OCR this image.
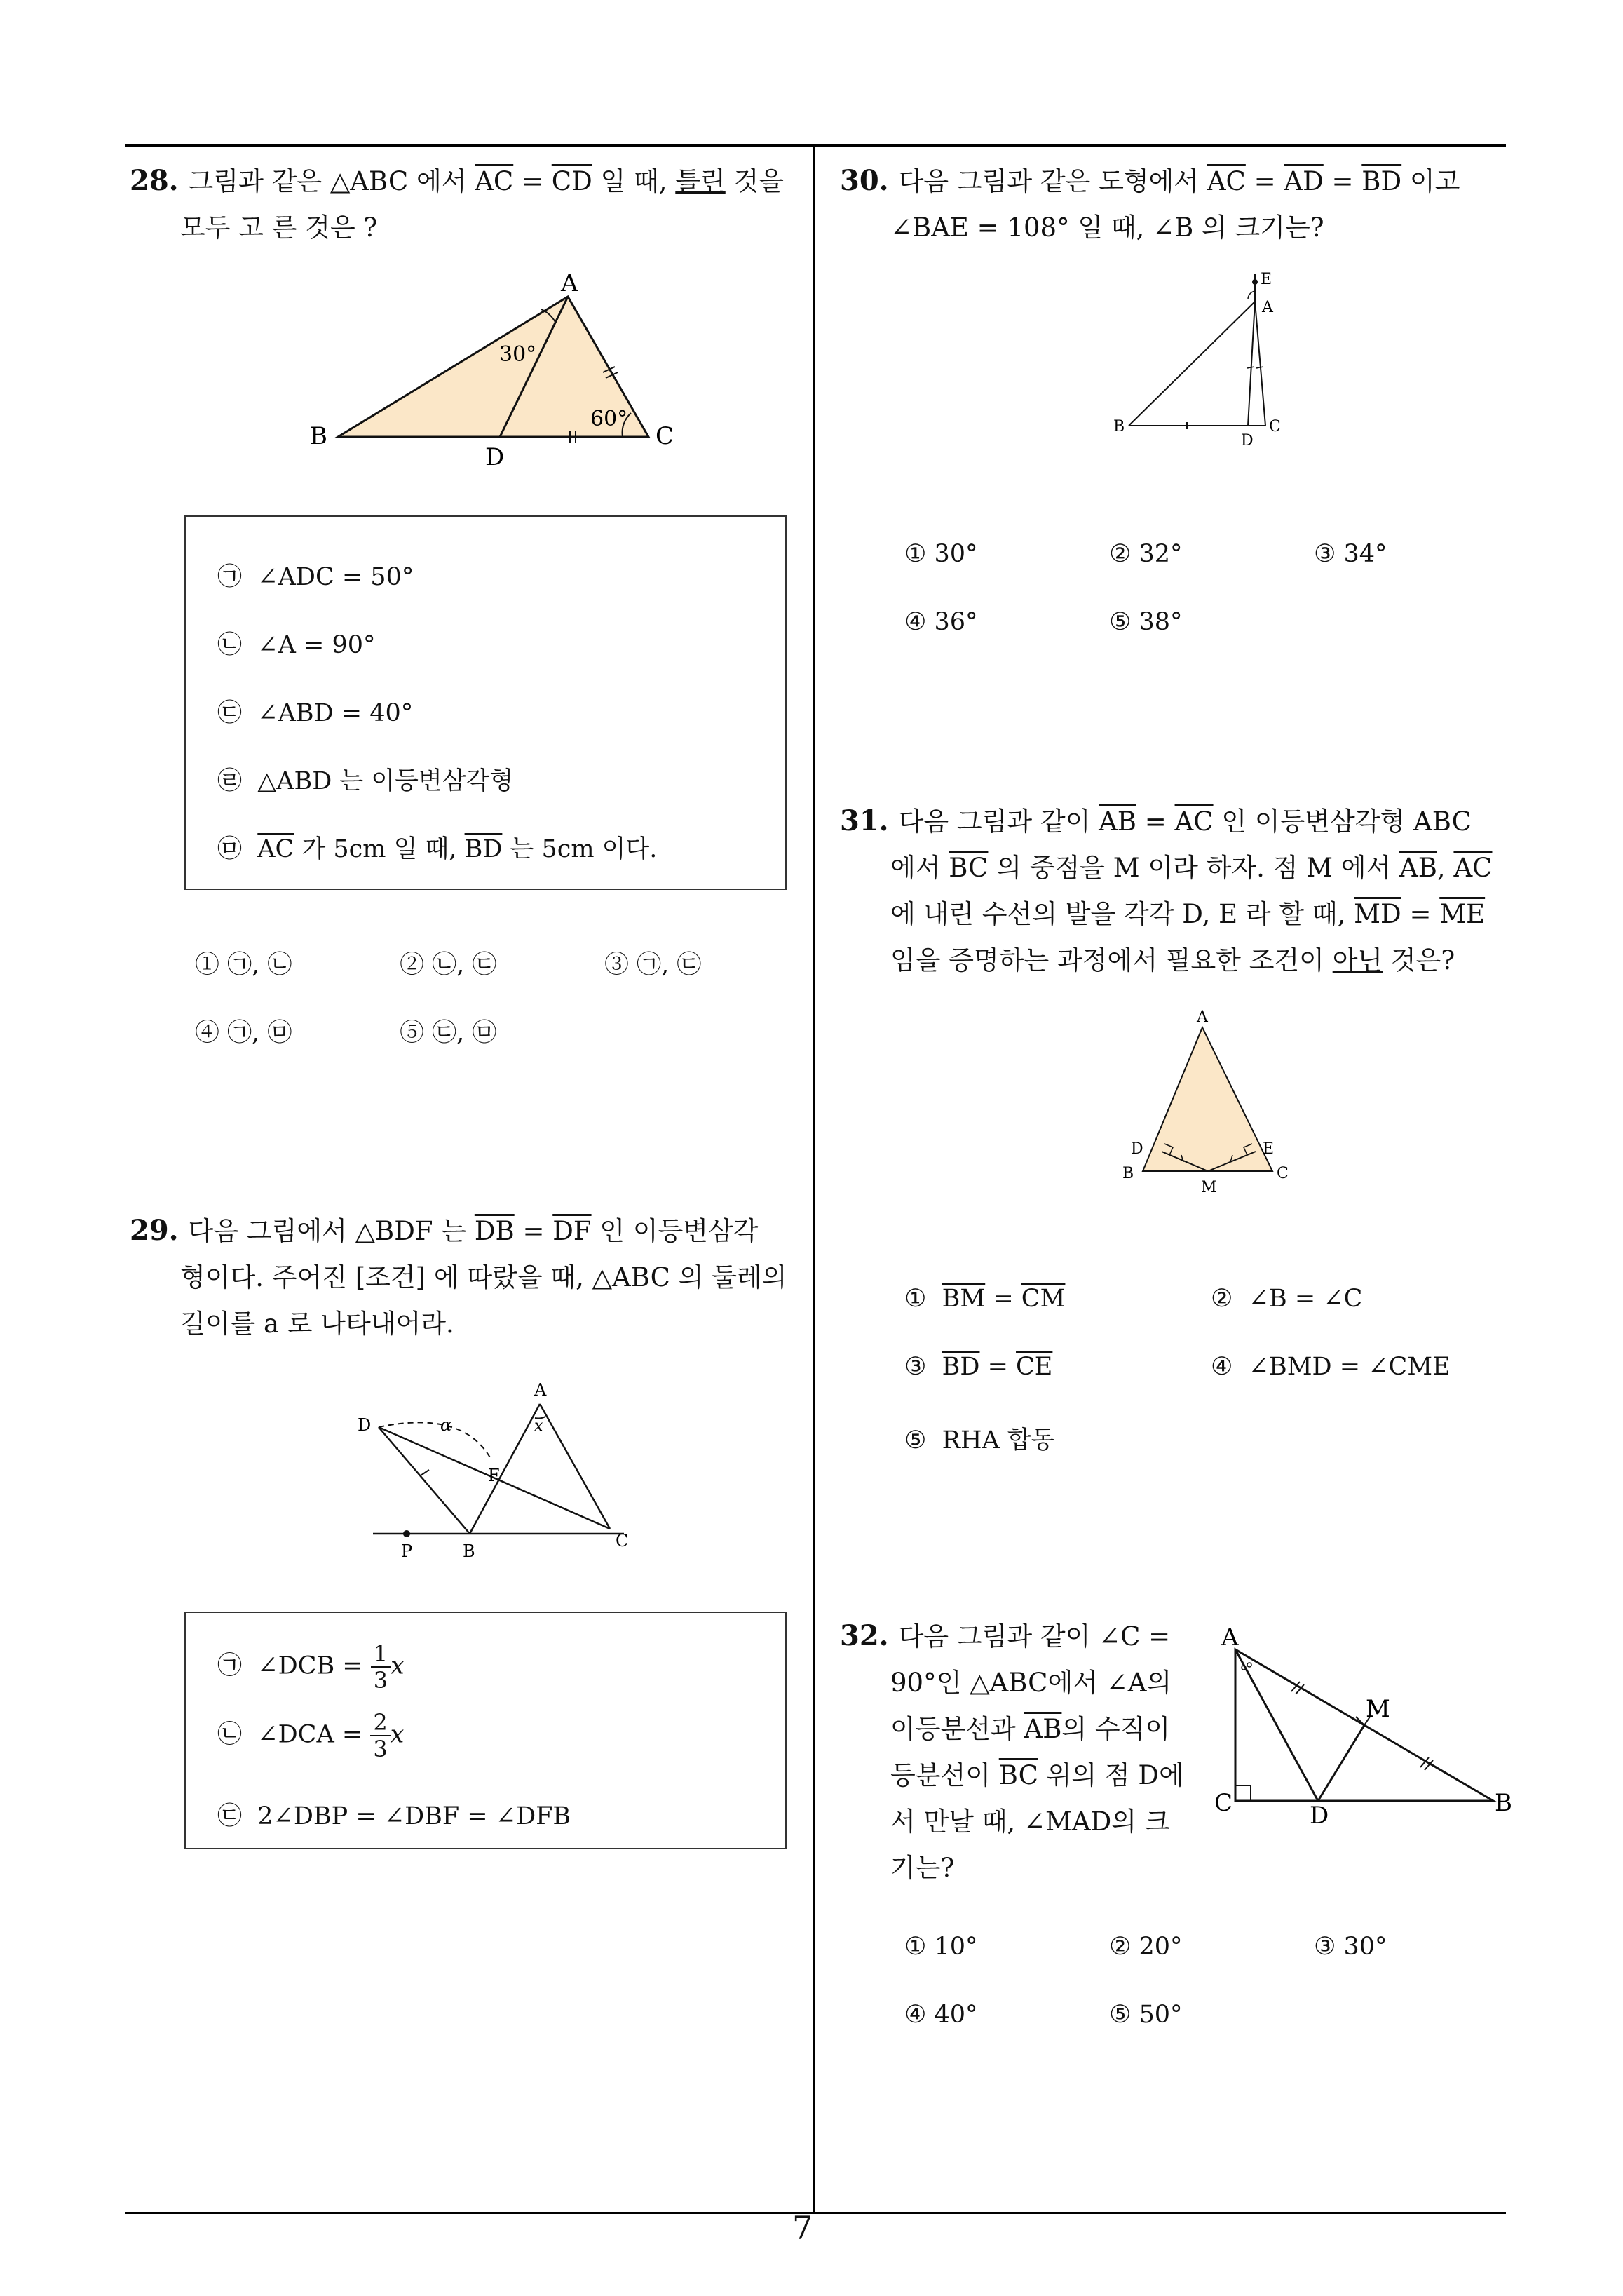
28. 그림과 같은 △ABC 에서 $\overline{AC} = \overline{CD}$ 일 때, 틀린 것을

모두 고 른 것은 ?

A
B	C
D
30°
60°
㉠ ∠ADC = 50°
㉡ ∠A = 90°
㉢ ∠ABD = 40°
㉣ △ABD 는 이등변삼각형
㉤ $\overline{AC}$ 가 5cm 일 때, $\overline{BD}$ 는 5cm 이다.
① ㉠, ㉡	② ㉡, ㉢	③ ㉠, ㉢
④ ㉠, ㉤	⑤ ㉢, ㉤

29. 다음 그림에서 △BDF 는 $\overline{DB} = \overline{DF}$ 인 이등변삼각

형이다. 주어진 [조건] 에 따랐을 때, △ABC 의 둘레의

길이를 a 로 나타내어라.

A
D
F
B
C
P
α	x
㉠ ∠DCB = $\frac{1}{3}$ x
㉡ ∠DCA = $\frac{2}{3}$ x
㉢ 2∠DBP = ∠DBF = ∠DFB

30. 다음 그림과 같은 도형에서 $\overline{AC} = \overline{AD} = \overline{BD}$ 이고

∠BAE = 108° 일 때, ∠B 의 크기는?

E
A
B
D
C
① 30°	② 32°	③ 34°
④ 36°	⑤ 38°

31. 다음 그림과 같이 $\overline{AB} = \overline{AC}$ 인 이등변삼각형 ABC

에서 $\overline{BC}$ 의 중점을 M 이라 하자. 점 M 에서 $\overline{AB}$, $\overline{AC}$

에 내린 수선의 발을 각각 D, E 라 할 때, $\overline{MD} = \overline{ME}$

임을 증명하는 과정에서 필요한 조건이 아닌 것은?

A
D	E
B	C
M
① $\overline{BM} = \overline{CM}$	② ∠B = ∠C
③ $\overline{BD} = \overline{CE}$	④ ∠BMD = ∠CME
⑤ RHA 합동

32. 다음 그림과 같이 ∠C =

90°인 △ABC에서 ∠A의

이등분선과 $\overline{AB}$의 수직이

등분선이 $\overline{BC}$ 위의 점 D에

서 만날 때, ∠MAD의 크

기는?

A
M
C	D	B
① 10°	② 20°	③ 30°
④ 40°	⑤ 50°
7
